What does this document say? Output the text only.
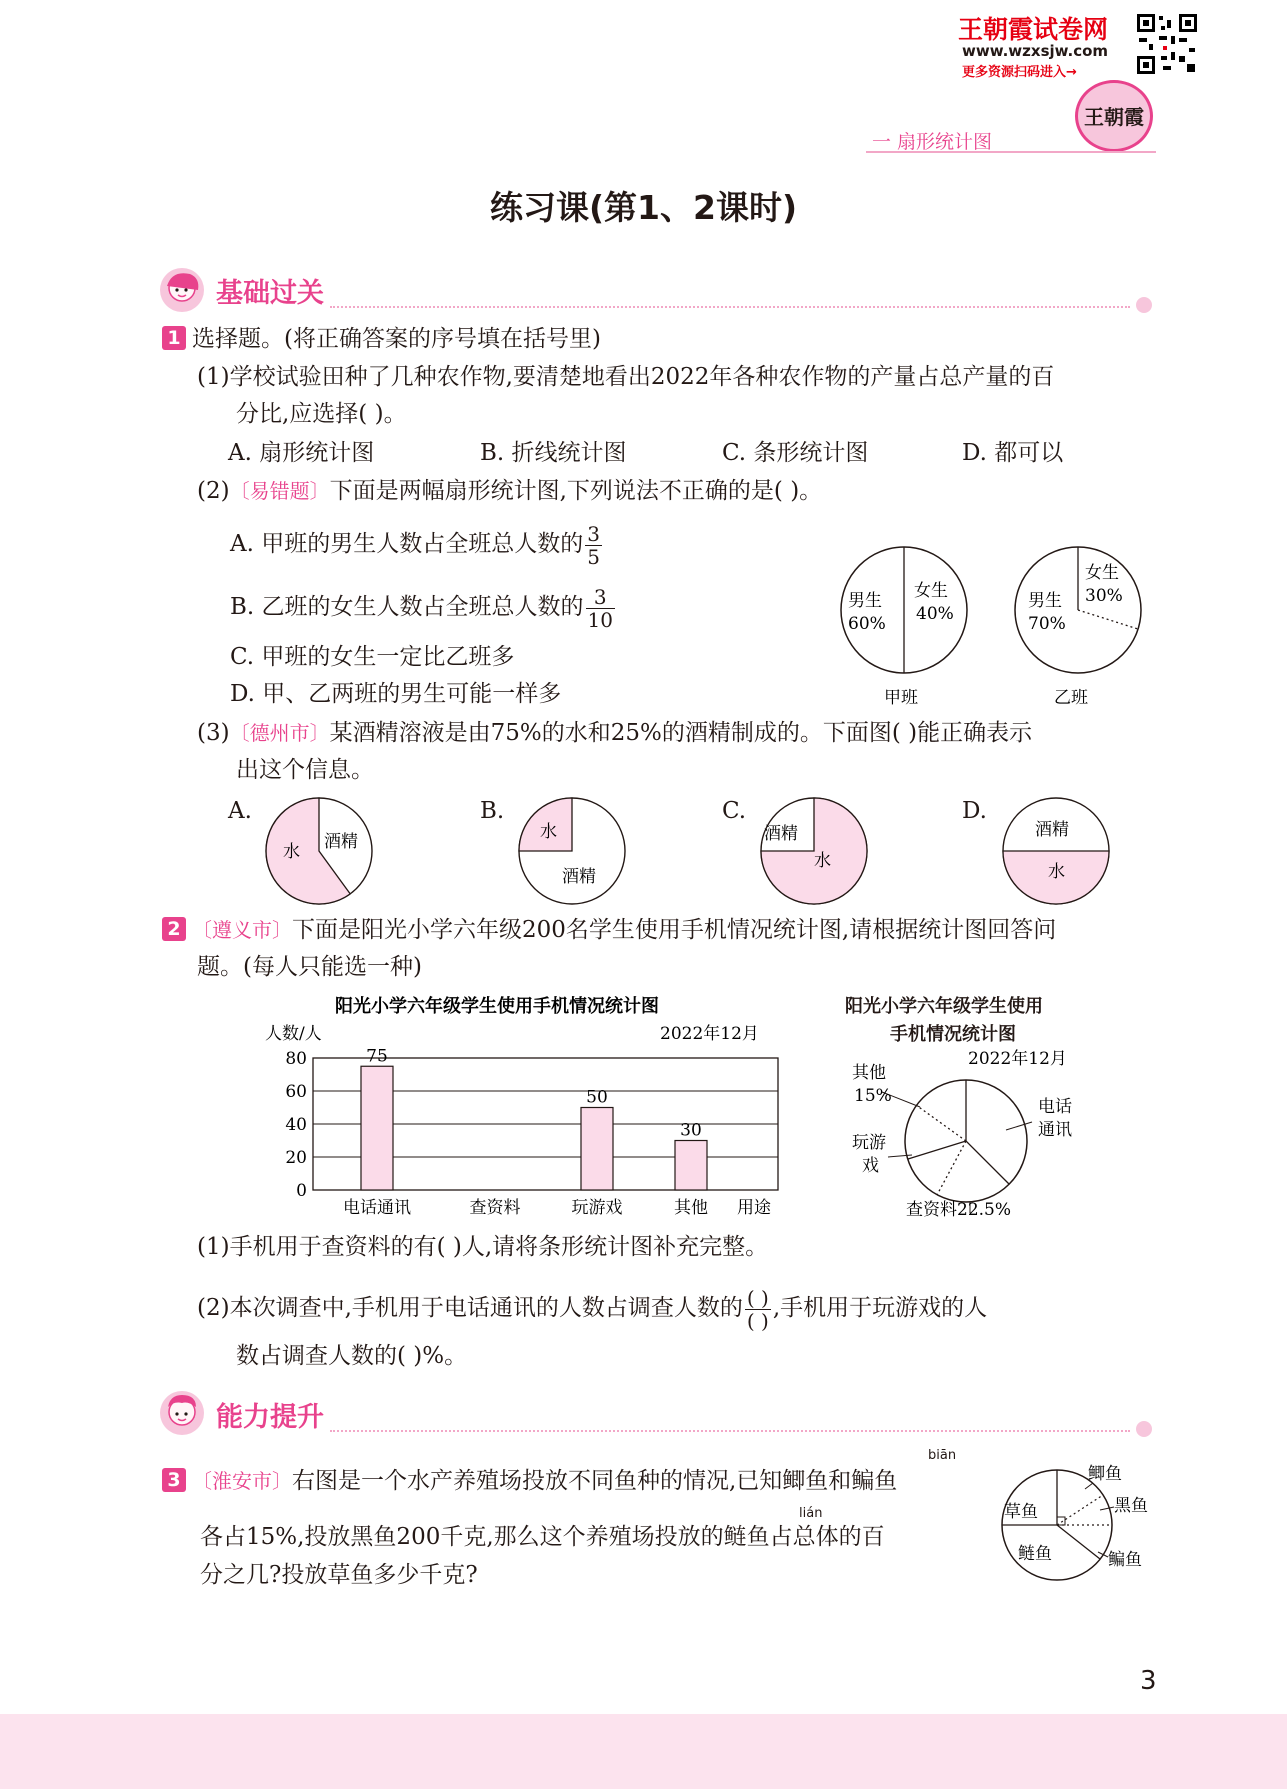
王朝霞试卷网
www.wzxsjw.com
更多资源扫码进入→
王朝霞
一 扇形统计图
练习课(第1、2课时)
基础过关
1 选择题。(将正确答案的序号填在括号里)
(1)学校试验田种了几种农作物,要清楚地看出2022年各种农作物的产量占总产量的百
分比,应选择( )。
A. 扇形统计图	B. 折线统计图	C. 条形统计图	D. 都可以
(2)〔易错题〕下面是两幅扇形统计图,下列说法不正确的是( )。
A. 甲班的男生人数占全班总人数的 $\frac{3}{5}$
B. 乙班的女生人数占全班总人数的 $\frac{3}{10}$
C. 甲班的女生一定比乙班多
D. 甲、乙两班的男生可能一样多
男生
60%
女生
40%
甲班
男生
70%
女生
30%
乙班
(3)〔德州市〕某酒精溶液是由75%的水和25%的酒精制成的。下面图( )能正确表示
出这个信息。
A.	B.	C.	D.
水 酒精	水
酒精
酒精
水
酒精
水
2 〔遵义市〕下面是阳光小学六年级200名学生使用手机情况统计图,请根据统计图回答问
题。(每人只能选一种)
阳光小学六年级学生使用手机情况统计图
人数/人	2022年12月
0
20
40
60
80	75
50
30
电话通讯	查资料	玩游戏	其他 用途
阳光小学六年级学生使用
手机情况统计图
2022年12月
其他
15%
电话
通讯
玩游
戏
查资料22.5%
(1)手机用于查资料的有( )人,请将条形统计图补充完整。
(2)本次调查中,手机用于电话通讯的人数占调查人数的 $\frac{( )}{( )}$ ,手机用于玩游戏的人
数占调查人数的( )%。
能力提升
biān
3 〔淮安市〕右图是一个水产养殖场投放不同鱼种的情况,已知鲫鱼和鳊鱼
lián
各占15%,投放黑鱼200千克,那么这个养殖场投放的鲢鱼占总体的百
分之几?投放草鱼多少千克?
鲫鱼
黑鱼
草鱼
鲢鱼	鳊鱼
3
